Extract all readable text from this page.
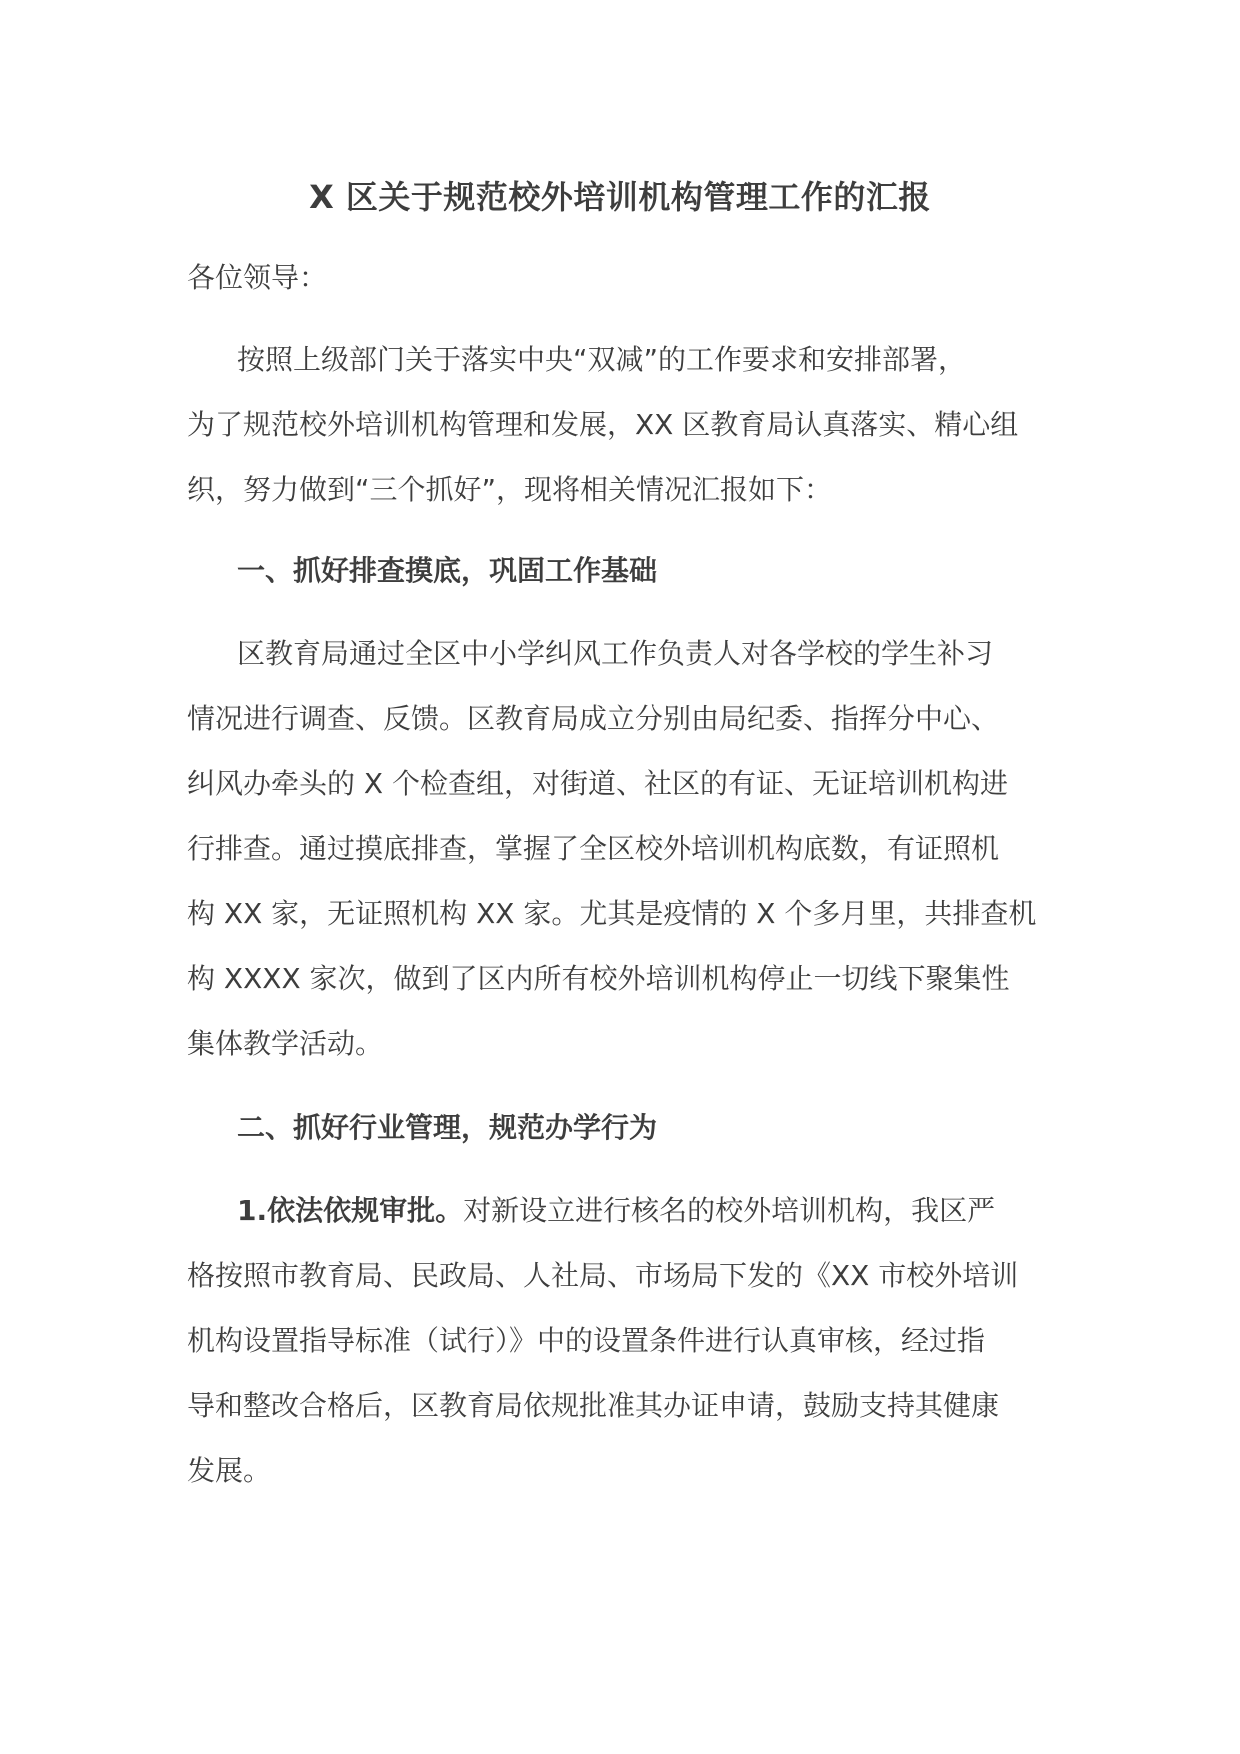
X 区关于规范校外培训机构管理工作的汇报

各位领导：

按照上级部门关于落实中央“双减”的工作要求和安排部署，
为了规范校外培训机构管理和发展，XX 区教育局认真落实、精心组
织，努力做到“三个抓好”，现将相关情况汇报如下：

一、抓好排查摸底，巩固工作基础

区教育局通过全区中小学纠风工作负责人对各学校的学生补习
情况进行调查、反馈。区教育局成立分别由局纪委、指挥分中心、
纠风办牵头的 X 个检查组，对街道、社区的有证、无证培训机构进
行排查。通过摸底排查，掌握了全区校外培训机构底数，有证照机
构 XX 家，无证照机构 XX 家。尤其是疫情的 X 个多月里，共排查机
构 XXXX 家次，做到了区内所有校外培训机构停止一切线下聚集性
集体教学活动。

二、抓好行业管理，规范办学行为

1.依法依规审批。对新设立进行核名的校外培训机构，我区严
格按照市教育局、民政局、人社局、市场局下发的《XX 市校外培训
机构设置指导标准（试行）》中的设置条件进行认真审核，经过指
导和整改合格后，区教育局依规批准其办证申请，鼓励支持其健康
发展。
